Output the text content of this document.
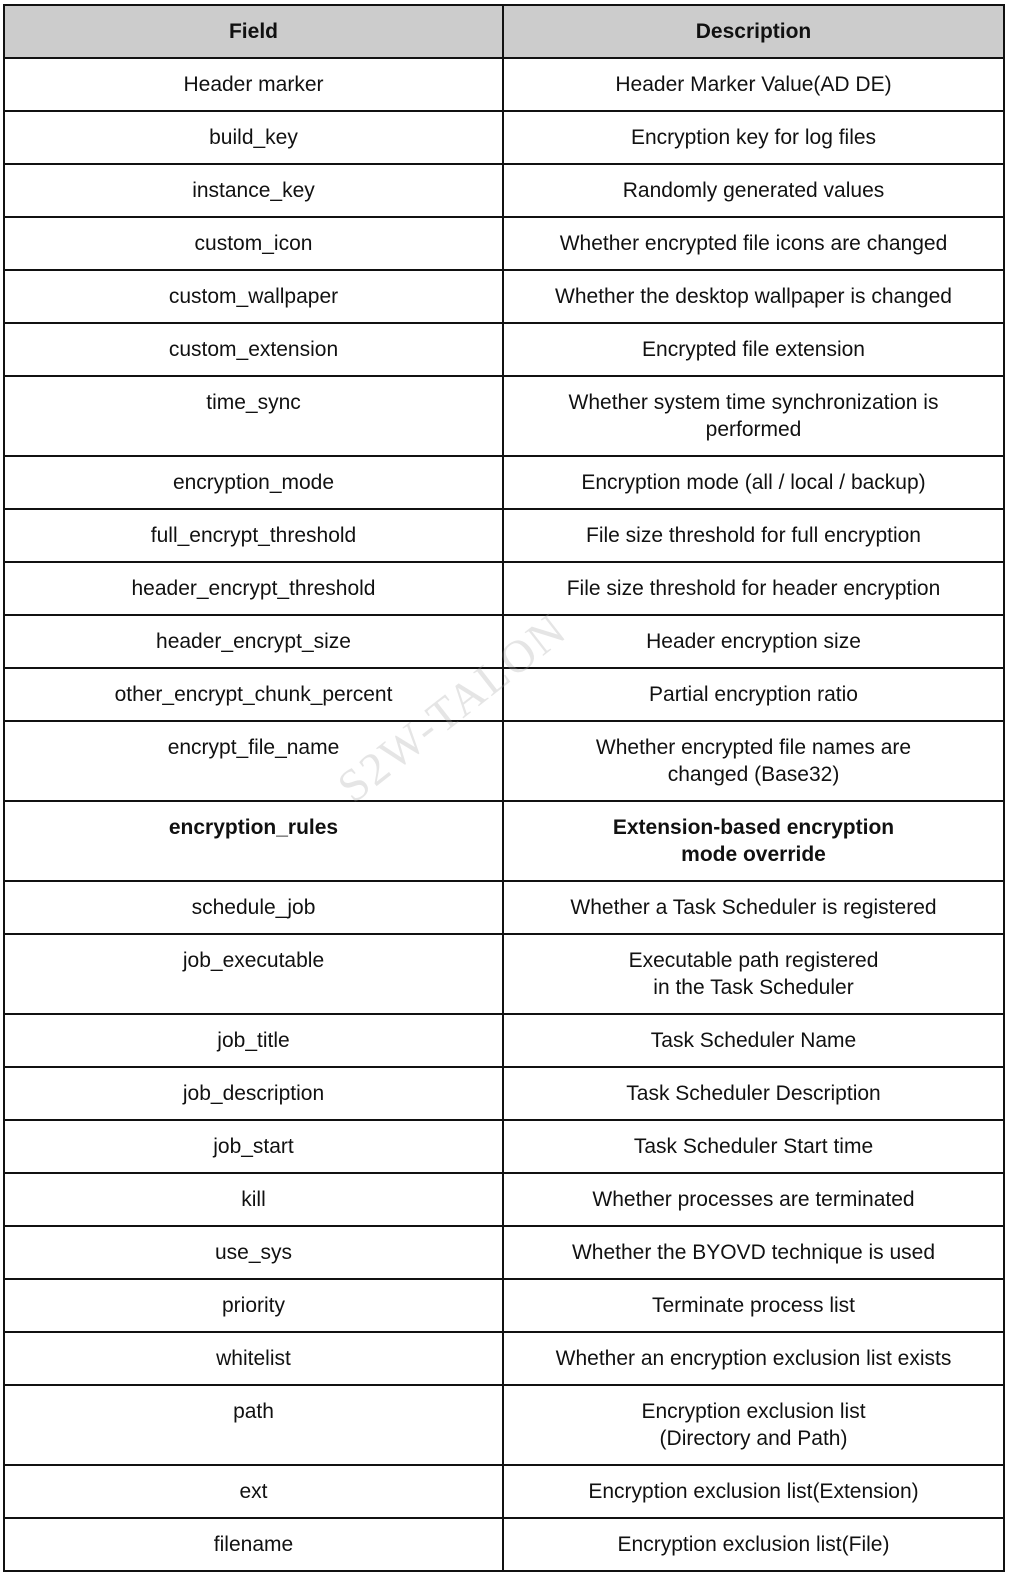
Field	Description
Header marker	Header Marker Value(AD DE)

build_key	Encryption key for log files

instance_key	Randomly generated values

custom_icon	Whether encrypted file icons are changed

custom_wallpaper	Whether the desktop wallpaper is changed

custom_extension	Encrypted file extension

time_sync	Whether system time synchronization is
performed

encryption_mode	Encryption mode (all / local / backup)

full_encrypt_threshold	File size threshold for full encryption

header_encrypt_threshold	File size threshold for header encryption

header_encrypt_size	Header encryption size

other_encrypt_chunk_percent	Partial encryption ratio

encrypt_file_name	Whether encrypted file names are
changed (Base32)

encryption_rules	Extension-based encryption
mode override

schedule_job	Whether a Task Scheduler is registered

job_executable	Executable path registered
in the Task Scheduler

job_title	Task Scheduler Name

job_description	Task Scheduler Description

job_start	Task Scheduler Start time

kill	Whether processes are terminated

use_sys	Whether the BYOVD technique is used

priority	Terminate process list

whitelist	Whether an encryption exclusion list exists

path	Encryption exclusion list
(Directory and Path)

ext	Encryption exclusion list(Extension)

filename	Encryption exclusion list(File)
S2W-TALON
